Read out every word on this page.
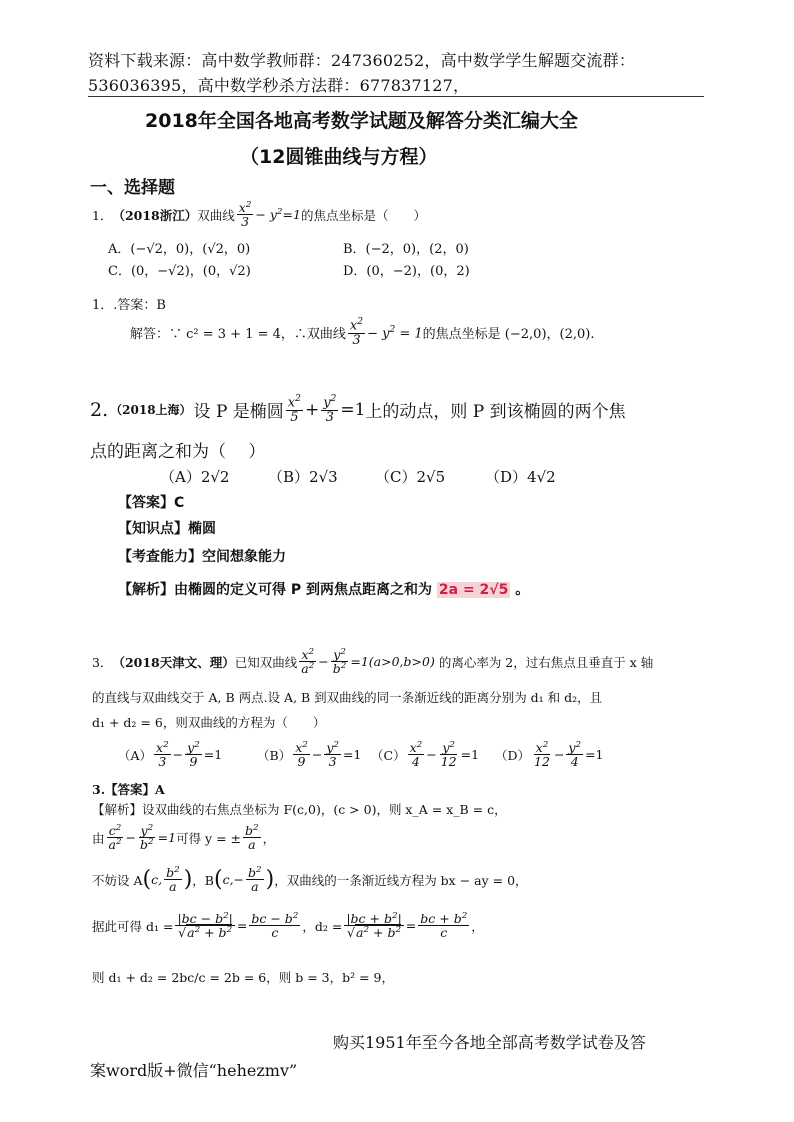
资料下载来源：高中数学教师群：247360252，高中数学学生解题交流群：
536036395，高中数学秒杀方法群：677837127，
2018年全国各地高考数学试题及解答分类汇编大全
（12圆锥曲线与方程）
一、选择题
1． （2018浙江） 双曲线 $\frac{x^2}{3} - y^2=1$ 的焦点坐标是（　　）
A．(−√2，0)，(√2，0)	B．(−2，0)，(2，0)
C．(0，−√2)，(0，√2)	D．(0，−2)，(0，2)
1．.答案：B
解答：∵ c² = 3 + 1 = 4，∴双曲线 $\frac{x^2}{3} - y^2 = 1$ 的焦点坐标是 (−2,0)，(2,0).
2. （2018上海） 设 P 是椭圆 $\frac{x^2}{5} + \frac{y^2}{3} =1$ 上的动点，则 P 到该椭圆的两个焦
点的距离之和为（　 ）
（A）2√2	（B）2√3 （C）2√5	（D）4√2
【答案】C
【知识点】椭圆
【考查能力】空间想象能力
【解析】由椭圆的定义可得 P 到两焦点距离之和为 2a = 2√5 。
3． （2018天津文、理） 已知双曲线 $\frac{x^2}{a^2} - \frac{y^2}{b^2} =1(a>0,b>0)$ 的离心率为 2，过右焦点且垂直于 x 轴
的直线与双曲线交于 A, B 两点.设 A, B 到双曲线的同一条渐近线的距离分别为 d₁ 和 d₂，且
d₁ + d₂ = 6，则双曲线的方程为（　　）
$(A) \frac{x^2}{3} - \frac{y^2}{9} =1$	$(B) \frac{x^2}{9} - \frac{y^2}{3} =1$ $(C) \frac{x^2}{4} - \frac{y^2}{12} =1$ $(D) \frac{x^2}{12} - \frac{y^2}{4} =1$
3.【答案】A
【解析】设双曲线的右焦点坐标为 F(c,0)，(c > 0)，则 x_A = x_B = c，
由 $\frac{c^2}{a^2} - \frac{y^2}{b^2} =1$ 可得 y = ± $\frac{b^2}{a}$ ，
不妨设 A ( c, $\frac{b^2}{a}$ ) ，B ( $c,- \frac{b^2}{a}$ ) ，双曲线的一条渐近线方程为 bx − ay = 0，
据此可得 $d_1 = \frac{|bc - b^2|}{√a^2 + b^2} = \frac{bc - b^2}{c}$ ，$d_2 = \frac{|bc + b^2|}{√a^2 + b^2} = \frac{bc + b^2}{c}$ ，
则 d₁ + d₂ = 2bc/c = 2b = 6，则 b = 3，b² = 9，
购买1951年至今各地全部高考数学试卷及答
案word版+微信“hehezmv”
